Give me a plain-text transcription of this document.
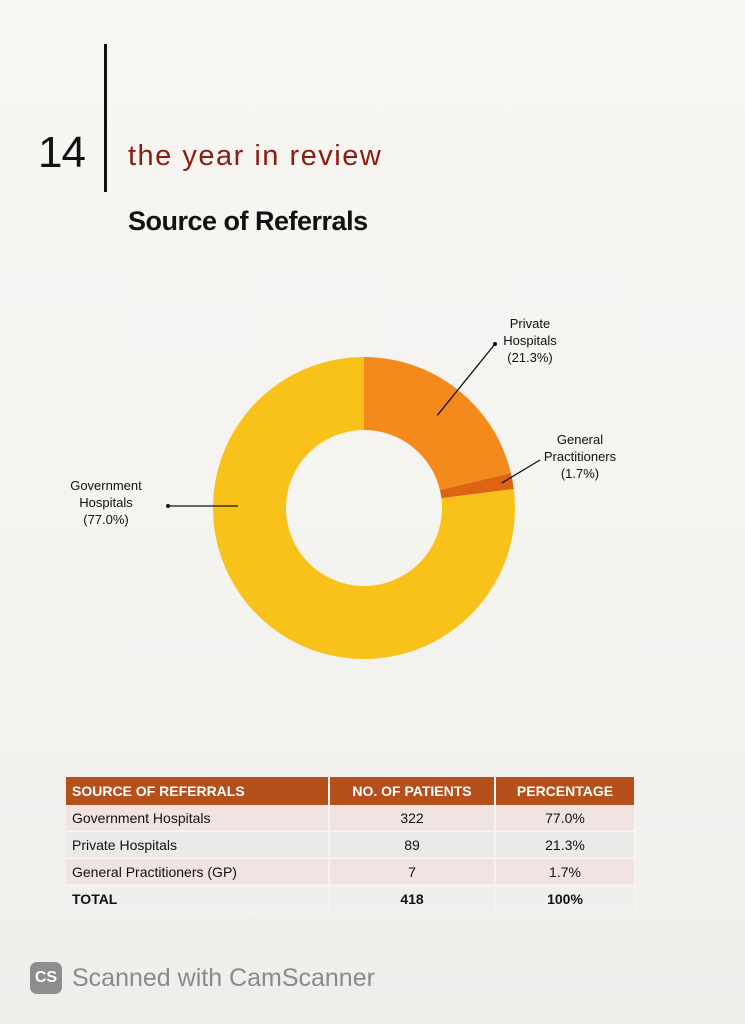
14 the year in review
Source of Referrals
Government
Hospitals
(77.0%)
Private
Hospitals
(21.3%)
General
Practitioners
(1.7%)
SOURCE OF REFERRALS	NO. OF PATIENTS	PERCENTAGE
Government Hospitals	322	77.0%
Private Hospitals	89	21.3%
General Practitioners (GP)	7	1.7%
TOTAL	418	100%
CS Scanned with CamScanner
